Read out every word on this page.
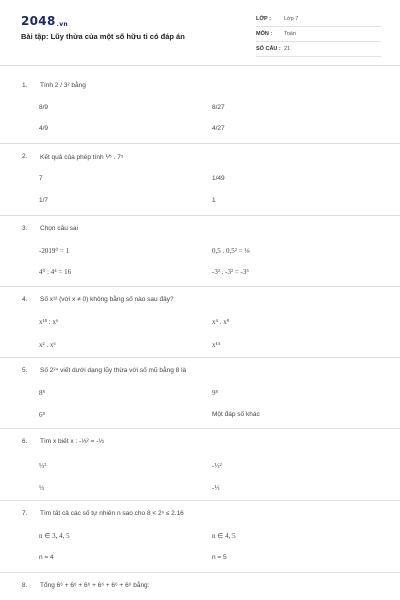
$2048_{.vn}$
Bài tập: Lũy thừa của một số hữu tỉ có đáp án
LỚP : Lớp 7
MÔN : Toán
SỐ CÂU : 21
1. Tính 2 / 3² bằng
8/9	8/27
4/9	4/27
2. Kết quả của phép tính ⅟⁵ . 7⁵
7	1/49
1/7	1
3. Chọn câu sai
-2019⁰ = 1	0,5 . 0,5² = ⅛
4⁰ : 4⁴ = 16	-3² . -3² = -3⁵
4. Số x¹² (với x ≠ 0) không bằng số nào sau đây?
x¹⁸ : x⁶	x⁴ . x⁸
x² . x⁶	x¹⁴
5. Số 2²⁴ viết dưới dạng lũy thừa với số mũ bằng 8 là
8⁸	9⁸
6⁸	Một đáp số khác
6. Tìm x biết x : -⅓² = -⅓
⅓²	-⅓²
⅓	-⅓
7. Tìm tất cả các số tự nhiên n sao cho 8 < 2ⁿ ≤ 2.16
n ∈ 3, 4, 5	n ∈ 4, 5
n = 4	n = 5
8. Tổng 6⁶ + 6⁶ + 6⁶ + 6⁶ + 6⁶ + 6⁶ bằng:
